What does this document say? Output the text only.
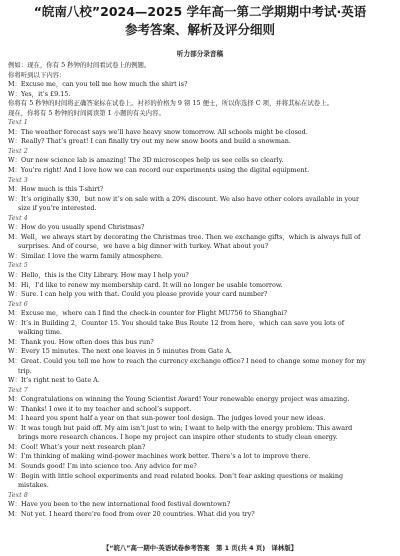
“皖南八校”2024—2025 学年高一第二学期期中考试·英语
参考答案、解析及评分细则
听力部分录音稿
例如：现在，你有 5 秒钟的时间看试卷上的例题。
你将听到以下内容：
M：Excuse me，can you tell me how much the shirt is?
W：Yes，it’s £9.15.
你将有 5 秒钟的时间将正确答案标在试卷上。衬衫的价格为 9 镑 15 便士，所以你选择 C 项，并将其标在试卷上。
现在，你将有 5 秒钟的时间阅读第 1 小题的有关内容。
Text 1
M：The weather forecast says we’ll have heavy snow tomorrow. All schools might be closed.
W：Really? That’s great! I can finally try out my new snow boots and build a snowman.
Text 2
W：Our new science lab is amazing! The 3D microscopes help us see cells so clearly.
M：You’re right! And I love how we can record our experiments using the digital equipment.
Text 3
M：How much is this T-shirt?
W：It’s originally $30，but now it’s on sale with a 20% discount. We also have other colors available in your
size if you’re interested.
Text 4
W：How do you usually spend Christmas?
M：Well，we always start by decorating the Christmas tree. Then we exchange gifts，which is always full of
surprises. And of course，we have a big dinner with turkey. What about you?
W：Similar. I love the warm family atmosphere.
Text 5
W：Hello，this is the City Library. How may I help you?
M：Hi，I’d like to renew my membership card. It will no longer be usable tomorrow.
W：Sure. I can help you with that. Could you please provide your card number?
Text 6
M：Excuse me，where can I find the check-in counter for Flight MU756 to Shanghai?
W：It’s in Building 2，Counter 15. You should take Bus Route 12 from here，which can save you lots of
walking time.
M：Thank you. How often does this bus run?
W：Every 15 minutes. The next one leaves in 5 minutes from Gate A.
M：Great. Could you tell me how to reach the currency exchange office? I need to change some money for my
trip.
W：It’s right next to Gate A.
Text 7
M：Congratulations on winning the Young Scientist Award! Your renewable energy project was amazing.
W：Thanks! I owe it to my teacher and school’s support.
M：I heard you spent half a year on that sun-power tool design. The judges loved your new ideas.
W：It was tough but paid off. My aim isn’t just to win; I want to help with the energy problem. This award
brings more research chances. I hope my project can inspire other students to study clean energy.
M：Cool! What’s your next research plan?
W：I’m thinking of making wind-power machines work better. There’s a lot to improve there.
M：Sounds good! I’m into science too. Any advice for me?
W：Begin with little school experiments and read related books. Don’t fear asking questions or making
mistakes.
Text 8
W：Have you been to the new international food festival downtown?
M：Not yet. I heard there’re food from over 20 countries. What did you try?
【“皖八”高一期中·英语试卷参考答案　第 1 页(共 4 页)　译林版】
